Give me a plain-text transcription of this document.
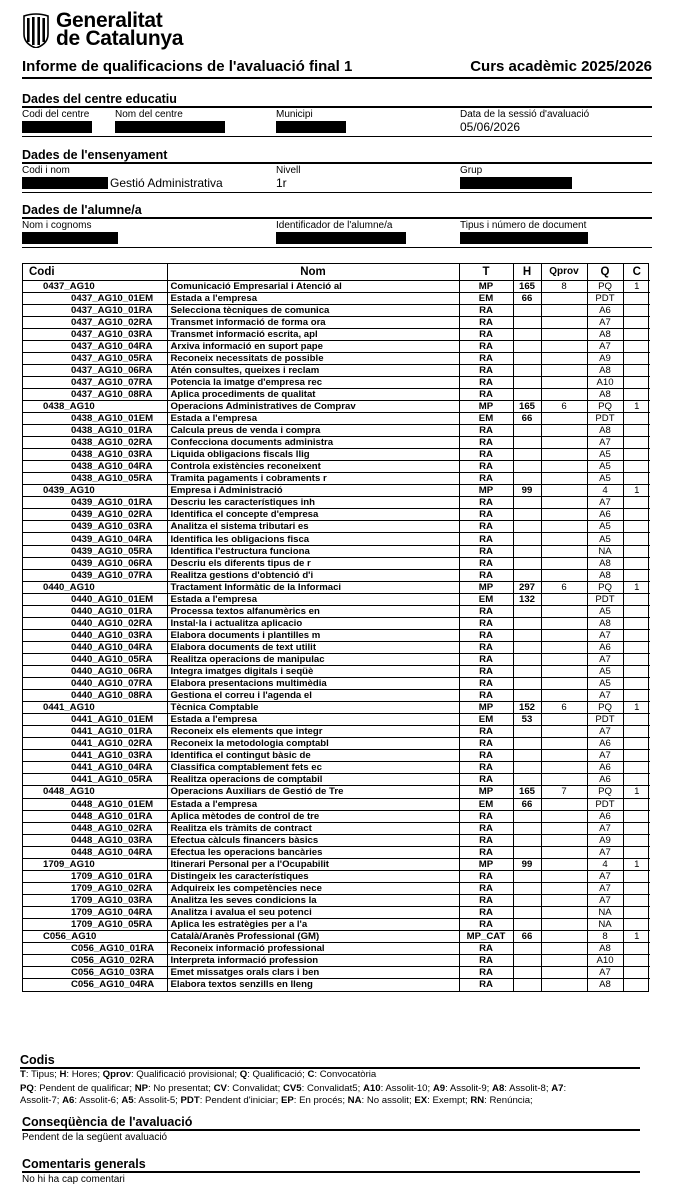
Generalitat
de Catalunya
Informe de qualificacions de l'avaluació final 1	Curs acadèmic 2025/2026
Dades del centre educatiu
Codi del centre	Nom del centre	Municipi	Data de la sessió d'avaluació
05/06/2026
Dades de l'ensenyament
Codi i nom	Nivell	Grup
Gestió Administrativa	1r
Dades de l'alumne/a
Nom i cognoms	Identificador de l'alumne/a	Tipus i número de document
Codi	Nom	T	H	Qprov	Q	C
0437_AG10	Comunicació Empresarial i Atenció al	MP	165	8	PQ	1
0437_AG10_01EM	Estada a l'empresa	EM	66		PDT	
0437_AG10_01RA	Selecciona tècniques de comunica	RA			A6	
0437_AG10_02RA	Transmet informació de forma ora	RA			A7	
0437_AG10_03RA	Transmet informació escrita, apl	RA			A8	
0437_AG10_04RA	Arxiva informació en suport pape	RA			A7	
0437_AG10_05RA	Reconeix necessitats de possible	RA			A9	
0437_AG10_06RA	Atén consultes, queixes i reclam	RA			A8	
0437_AG10_07RA	Potencia la imatge d'empresa rec	RA			A10	
0437_AG10_08RA	Aplica procediments de qualitat	RA			A8	
0438_AG10	Operacions Administratives de Comprav	MP	165	6	PQ	1
0438_AG10_01EM	Estada a l'empresa	EM	66		PDT	
0438_AG10_01RA	Calcula preus de venda i compra	RA			A8	
0438_AG10_02RA	Confecciona documents administra	RA			A7	
0438_AG10_03RA	Liquida obligacions fiscals llig	RA			A5	
0438_AG10_04RA	Controla existències reconeixent	RA			A5	
0438_AG10_05RA	Tramita pagaments i cobraments r	RA			A5	
0439_AG10	Empresa i Administració	MP	99		4	1
0439_AG10_01RA	Descriu les característiques inh	RA			A7	
0439_AG10_02RA	Identifica el concepte d'empresa	RA			A6	
0439_AG10_03RA	Analitza el sistema tributari es	RA			A5	
0439_AG10_04RA	Identifica les obligacions fisca	RA			A5	
0439_AG10_05RA	Identifica l'estructura funciona	RA			NA	
0439_AG10_06RA	Descriu els diferents tipus de r	RA			A8	
0439_AG10_07RA	Realitza gestions d'obtenció d'i	RA			A8	
0440_AG10	Tractament Informàtic de la Informaci	MP	297	6	PQ	1
0440_AG10_01EM	Estada a l'empresa	EM	132		PDT	
0440_AG10_01RA	Processa textos alfanumèrics en	RA			A5	
0440_AG10_02RA	Instal·la i actualitza aplicacio	RA			A8	
0440_AG10_03RA	Elabora documents i plantilles m	RA			A7	
0440_AG10_04RA	Elabora documents de text utilit	RA			A6	
0440_AG10_05RA	Realitza operacions de manipulac	RA			A7	
0440_AG10_06RA	Integra imatges digitals i seqüè	RA			A5	
0440_AG10_07RA	Elabora presentacions multimèdia	RA			A5	
0440_AG10_08RA	Gestiona el correu i l'agenda el	RA			A7	
0441_AG10	Tècnica Comptable	MP	152	6	PQ	1
0441_AG10_01EM	Estada a l'empresa	EM	53		PDT	
0441_AG10_01RA	Reconeix els elements que integr	RA			A7	
0441_AG10_02RA	Reconeix la metodologia comptabl	RA			A6	
0441_AG10_03RA	Identifica el contingut bàsic de	RA			A7	
0441_AG10_04RA	Classifica comptablement fets ec	RA			A6	
0441_AG10_05RA	Realitza operacions de comptabil	RA			A6	
0448_AG10	Operacions Auxiliars de Gestió de Tre	MP	165	7	PQ	1
0448_AG10_01EM	Estada a l'empresa	EM	66		PDT	
0448_AG10_01RA	Aplica mètodes de control de tre	RA			A6	
0448_AG10_02RA	Realitza els tràmits de contract	RA			A7	
0448_AG10_03RA	Efectua càlculs financers bàsics	RA			A9	
0448_AG10_04RA	Efectua les operacions bancàries	RA			A7	
1709_AG10	Itinerari Personal per a l'Ocupabilit	MP	99		4	1
1709_AG10_01RA	Distingeix les característiques	RA			A7	
1709_AG10_02RA	Adquireix les competències nece	RA			A7	
1709_AG10_03RA	Analitza les seves condicions la	RA			A7	
1709_AG10_04RA	Analitza i avalua el seu potenci	RA			NA	
1709_AG10_05RA	Aplica les estratègies per a l'a	RA			NA	
C056_AG10	Català/Aranès Professional (GM)	MP_CAT	66		8	1
C056_AG10_01RA	Reconeix informació professional	RA			A8	
C056_AG10_02RA	Interpreta informació profession	RA			A10	
C056_AG10_03RA	Emet missatges orals clars i ben	RA			A7	
C056_AG10_04RA	Elabora textos senzills en lleng	RA			A8	
Codis
T: Tipus; H: Hores; Qprov: Qualificació provisional; Q: Qualificació; C: Convocatòria
PQ: Pendent de qualificar; NP: No presentat; CV: Convalidat; CV5: Convalidat5; A10: Assolit-10; A9: Assolit-9; A8: Assolit-8; A7:
Assolit-7; A6: Assolit-6; A5: Assolit-5; PDT: Pendent d'iniciar; EP: En procés; NA: No assolit; EX: Exempt; RN: Renúncia;
Conseqüència de l'avaluació
Pendent de la següent avaluació
Comentaris generals
No hi ha cap comentari
